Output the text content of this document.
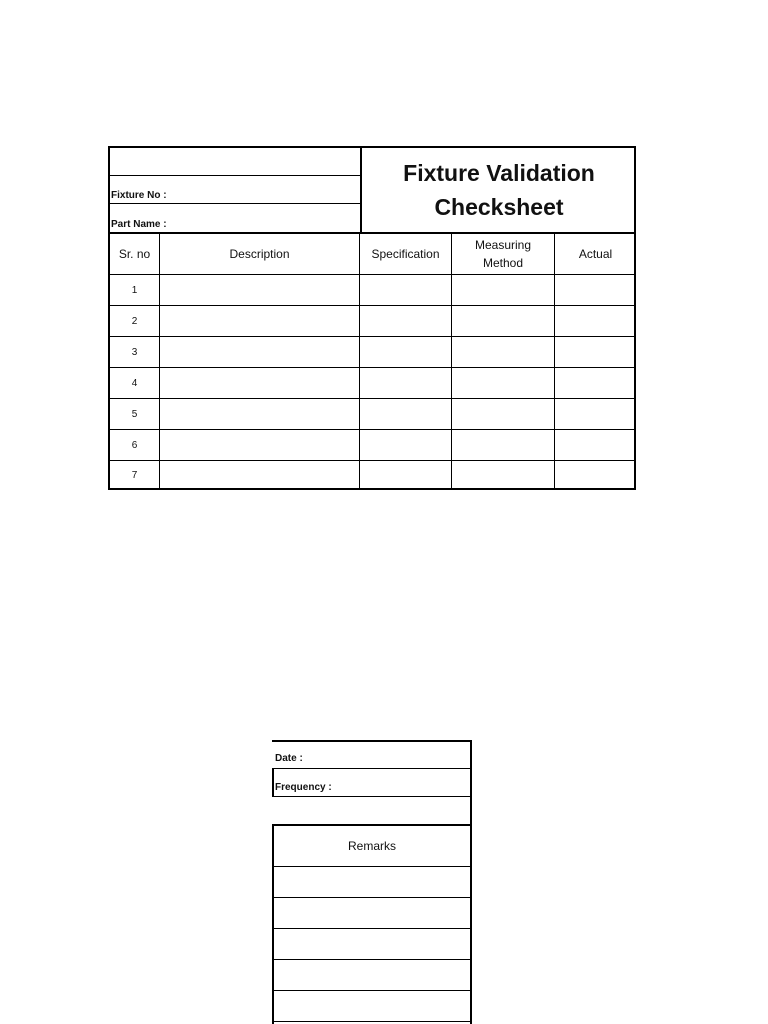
Fixture No :
Part Name :
Fixture Validation
Checksheet
Sr. no	Description	Specification
Measuring
Method
Actual
1
2
3
4
5
6
7
Date :
Frequency :
Remarks
